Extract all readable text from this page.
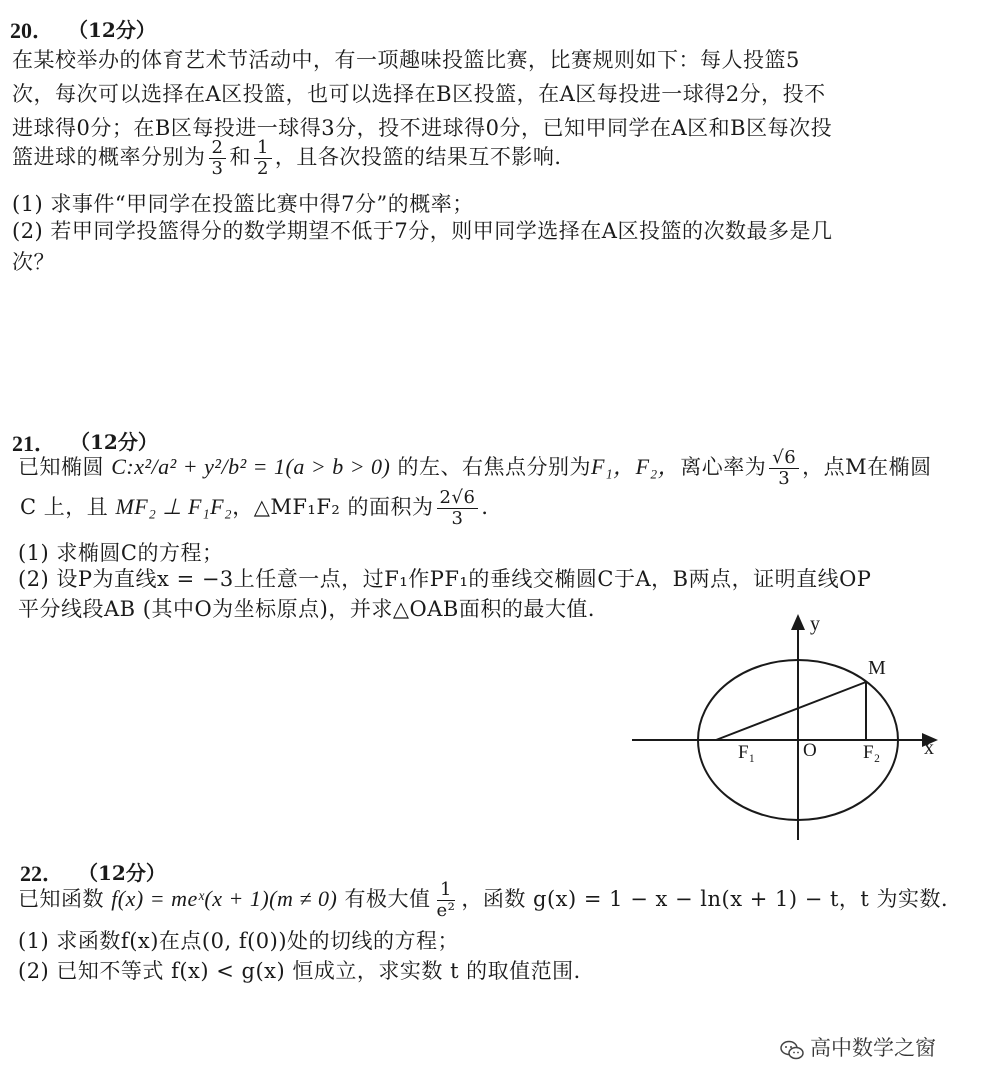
20． （12分）
在某校举办的体育艺术节活动中，有一项趣味投篮比赛，比赛规则如下：每人投篮5
次，每次可以选择在A区投篮，也可以选择在B区投篮，在A区每投进一球得2分，投不
进球得0分；在B区每投进一球得3分，投不进球得0分，已知甲同学在A区和B区每次投
篮进球的概率分别为 $\frac{2}{3}$ 和 $\frac{1}{2}$ ，且各次投篮的结果互不影响．
(1) 求事件“甲同学在投篮比赛中得7分”的概率；
(2) 若甲同学投篮得分的数学期望不低于7分，则甲同学选择在A区投篮的次数最多是几
次？
21． （12分）
已知椭圆 C:x²/a² + y²/b² = 1(a > b > 0) 的左、右焦点分别为F₁，F₂，离心率为 $\frac{√6}{3}$ ，点M在椭圆
C 上，且 MF₂ ⊥ F₁F₂，△MF₁F₂ 的面积为 $\frac{2√6}{3}$ ．
(1) 求椭圆C的方程；
(2) 设P为直线x = −3上任意一点，过F₁作PF₁的垂线交椭圆C于A，B两点，证明直线OP
平分线段AB (其中O为坐标原点)，并求△OAB面积的最大值．
y
x
M
F₁	O F₂
22． （12分）
已知函数 f(x) = meˣ(x + 1)(m ≠ 0) 有极大值 $\frac{1}{\text{e²}}$ ，函数 g(x) = 1 − x − ln(x + 1) − t，t 为实数．
(1) 求函数f(x)在点(0, f(0))处的切线的方程；
(2) 已知不等式 f(x) < g(x) 恒成立，求实数 t 的取值范围．
高中数学之窗
